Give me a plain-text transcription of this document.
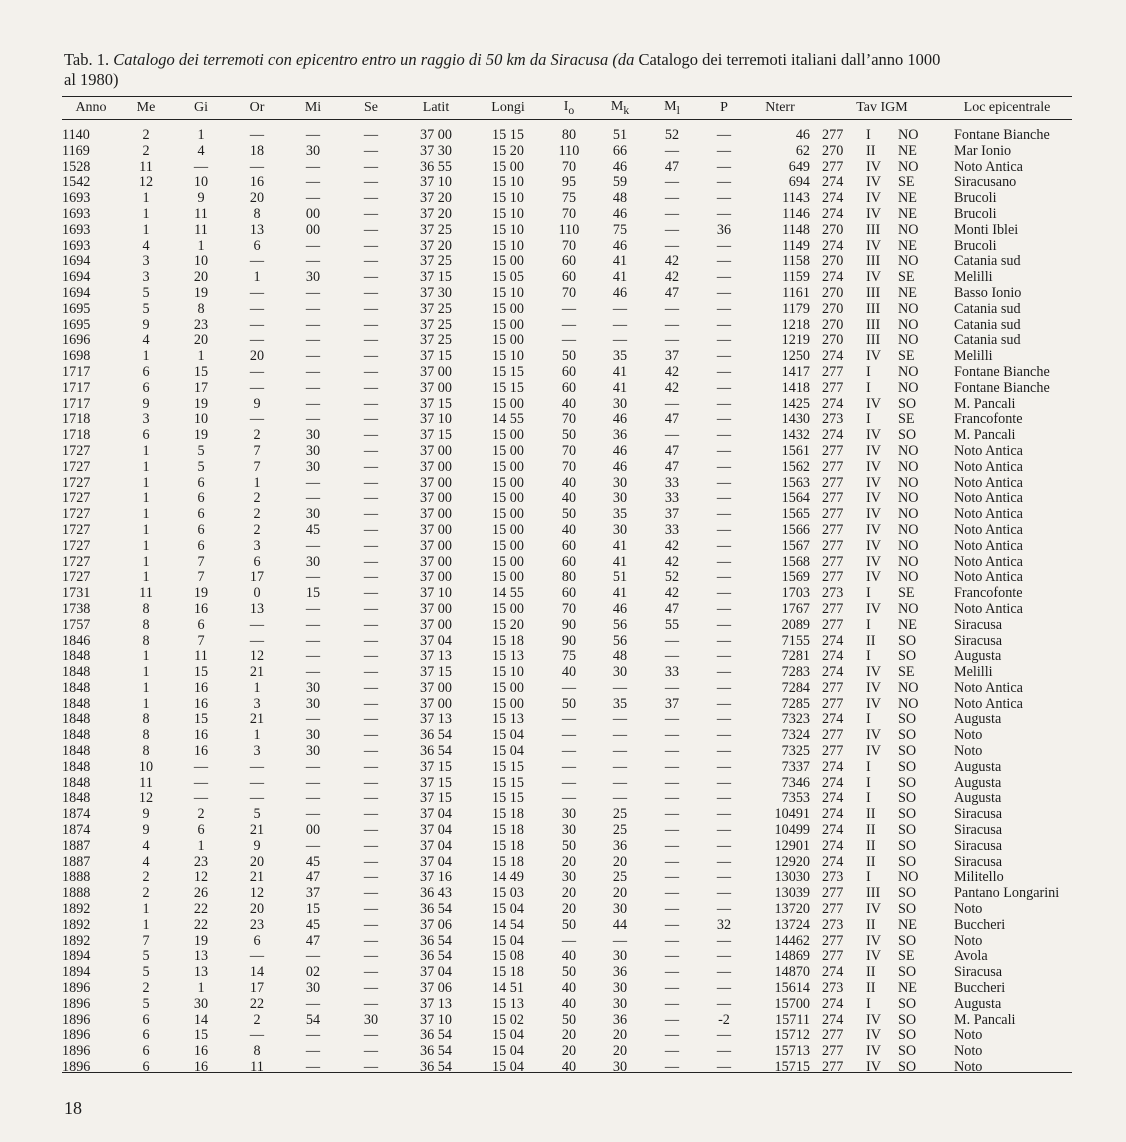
Tab. 1. Catalogo dei terremoti con epicentro entro un raggio di 50 km da Siracusa (da Catalogo dei terremoti italiani dall’anno 1000
al 1980)
Anno	Me	Gi	Or	Mi	Se	Latit	Longi	$I_o$	$M_k$	$M_l$	P	Nterr	Tav IGM			Loc epicentrale
1140	2	1	—	—	—	37 00	15 15	80	51	52	—	46	277	I	NO	Fontane Bianche
1169	2	4	18	30	—	37 30	15 20	110	66	—	—	62	270	II	NE	Mar Ionio
1528	11	—	—	—	—	36 55	15 00	70	46	47	—	649	277	IV	NO	Noto Antica
1542	12	10	16	—	—	37 10	15 10	95	59	—	—	694	274	IV	SE	Siracusano
1693	1	9	20	—	—	37 20	15 10	75	48	—	—	1143	274	IV	NE	Brucoli
1693	1	11	8	00	—	37 20	15 10	70	46	—	—	1146	274	IV	NE	Brucoli
1693	1	11	13	00	—	37 25	15 10	110	75	—	36	1148	270	III	NO	Monti Iblei
1693	4	1	6	—	—	37 20	15 10	70	46	—	—	1149	274	IV	NE	Brucoli
1694	3	10	—	—	—	37 25	15 00	60	41	42	—	1158	270	III	NO	Catania sud
1694	3	20	1	30	—	37 15	15 05	60	41	42	—	1159	274	IV	SE	Melilli
1694	5	19	—	—	—	37 30	15 10	70	46	47	—	1161	270	III	NE	Basso Ionio
1695	5	8	—	—	—	37 25	15 00	—	—	—	—	1179	270	III	NO	Catania sud
1695	9	23	—	—	—	37 25	15 00	—	—	—	—	1218	270	III	NO	Catania sud
1696	4	20	—	—	—	37 25	15 00	—	—	—	—	1219	270	III	NO	Catania sud
1698	1	1	20	—	—	37 15	15 10	50	35	37	—	1250	274	IV	SE	Melilli
1717	6	15	—	—	—	37 00	15 15	60	41	42	—	1417	277	I	NO	Fontane Bianche
1717	6	17	—	—	—	37 00	15 15	60	41	42	—	1418	277	I	NO	Fontane Bianche
1717	9	19	9	—	—	37 15	15 00	40	30	—	—	1425	274	IV	SO	M. Pancali
1718	3	10	—	—	—	37 10	14 55	70	46	47	—	1430	273	I	SE	Francofonte
1718	6	19	2	30	—	37 15	15 00	50	36	—	—	1432	274	IV	SO	M. Pancali
1727	1	5	7	30	—	37 00	15 00	70	46	47	—	1561	277	IV	NO	Noto Antica
1727	1	5	7	30	—	37 00	15 00	70	46	47	—	1562	277	IV	NO	Noto Antica
1727	1	6	1	—	—	37 00	15 00	40	30	33	—	1563	277	IV	NO	Noto Antica
1727	1	6	2	—	—	37 00	15 00	40	30	33	—	1564	277	IV	NO	Noto Antica
1727	1	6	2	30	—	37 00	15 00	50	35	37	—	1565	277	IV	NO	Noto Antica
1727	1	6	2	45	—	37 00	15 00	40	30	33	—	1566	277	IV	NO	Noto Antica
1727	1	6	3	—	—	37 00	15 00	60	41	42	—	1567	277	IV	NO	Noto Antica
1727	1	7	6	30	—	37 00	15 00	60	41	42	—	1568	277	IV	NO	Noto Antica
1727	1	7	17	—	—	37 00	15 00	80	51	52	—	1569	277	IV	NO	Noto Antica
1731	11	19	0	15	—	37 10	14 55	60	41	42	—	1703	273	I	SE	Francofonte
1738	8	16	13	—	—	37 00	15 00	70	46	47	—	1767	277	IV	NO	Noto Antica
1757	8	6	—	—	—	37 00	15 20	90	56	55	—	2089	277	I	NE	Siracusa
1846	8	7	—	—	—	37 04	15 18	90	56	—	—	7155	274	II	SO	Siracusa
1848	1	11	12	—	—	37 13	15 13	75	48	—	—	7281	274	I	SO	Augusta
1848	1	15	21	—	—	37 15	15 10	40	30	33	—	7283	274	IV	SE	Melilli
1848	1	16	1	30	—	37 00	15 00	—	—	—	—	7284	277	IV	NO	Noto Antica
1848	1	16	3	30	—	37 00	15 00	50	35	37	—	7285	277	IV	NO	Noto Antica
1848	8	15	21	—	—	37 13	15 13	—	—	—	—	7323	274	I	SO	Augusta
1848	8	16	1	30	—	36 54	15 04	—	—	—	—	7324	277	IV	SO	Noto
1848	8	16	3	30	—	36 54	15 04	—	—	—	—	7325	277	IV	SO	Noto
1848	10	—	—	—	—	37 15	15 15	—	—	—	—	7337	274	I	SO	Augusta
1848	11	—	—	—	—	37 15	15 15	—	—	—	—	7346	274	I	SO	Augusta
1848	12	—	—	—	—	37 15	15 15	—	—	—	—	7353	274	I	SO	Augusta
1874	9	2	5	—	—	37 04	15 18	30	25	—	—	10491	274	II	SO	Siracusa
1874	9	6	21	00	—	37 04	15 18	30	25	—	—	10499	274	II	SO	Siracusa
1887	4	1	9	—	—	37 04	15 18	50	36	—	—	12901	274	II	SO	Siracusa
1887	4	23	20	45	—	37 04	15 18	20	20	—	—	12920	274	II	SO	Siracusa
1888	2	12	21	47	—	37 16	14 49	30	25	—	—	13030	273	I	NO	Militello
1888	2	26	12	37	—	36 43	15 03	20	20	—	—	13039	277	III	SO	Pantano Longarini
1892	1	22	20	15	—	36 54	15 04	20	30	—	—	13720	277	IV	SO	Noto
1892	1	22	23	45	—	37 06	14 54	50	44	—	32	13724	273	II	NE	Buccheri
1892	7	19	6	47	—	36 54	15 04	—	—	—	—	14462	277	IV	SO	Noto
1894	5	13	—	—	—	36 54	15 08	40	30	—	—	14869	277	IV	SE	Avola
1894	5	13	14	02	—	37 04	15 18	50	36	—	—	14870	274	II	SO	Siracusa
1896	2	1	17	30	—	37 06	14 51	40	30	—	—	15614	273	II	NE	Buccheri
1896	5	30	22	—	—	37 13	15 13	40	30	—	—	15700	274	I	SO	Augusta
1896	6	14	2	54	30	37 10	15 02	50	36	—	-2	15711	274	IV	SO	M. Pancali
1896	6	15	—	—	—	36 54	15 04	20	20	—	—	15712	277	IV	SO	Noto
1896	6	16	8	—	—	36 54	15 04	20	20	—	—	15713	277	IV	SO	Noto
1896	6	16	11	—	—	36 54	15 04	40	30	—	—	15715	277	IV	SO	Noto
18
